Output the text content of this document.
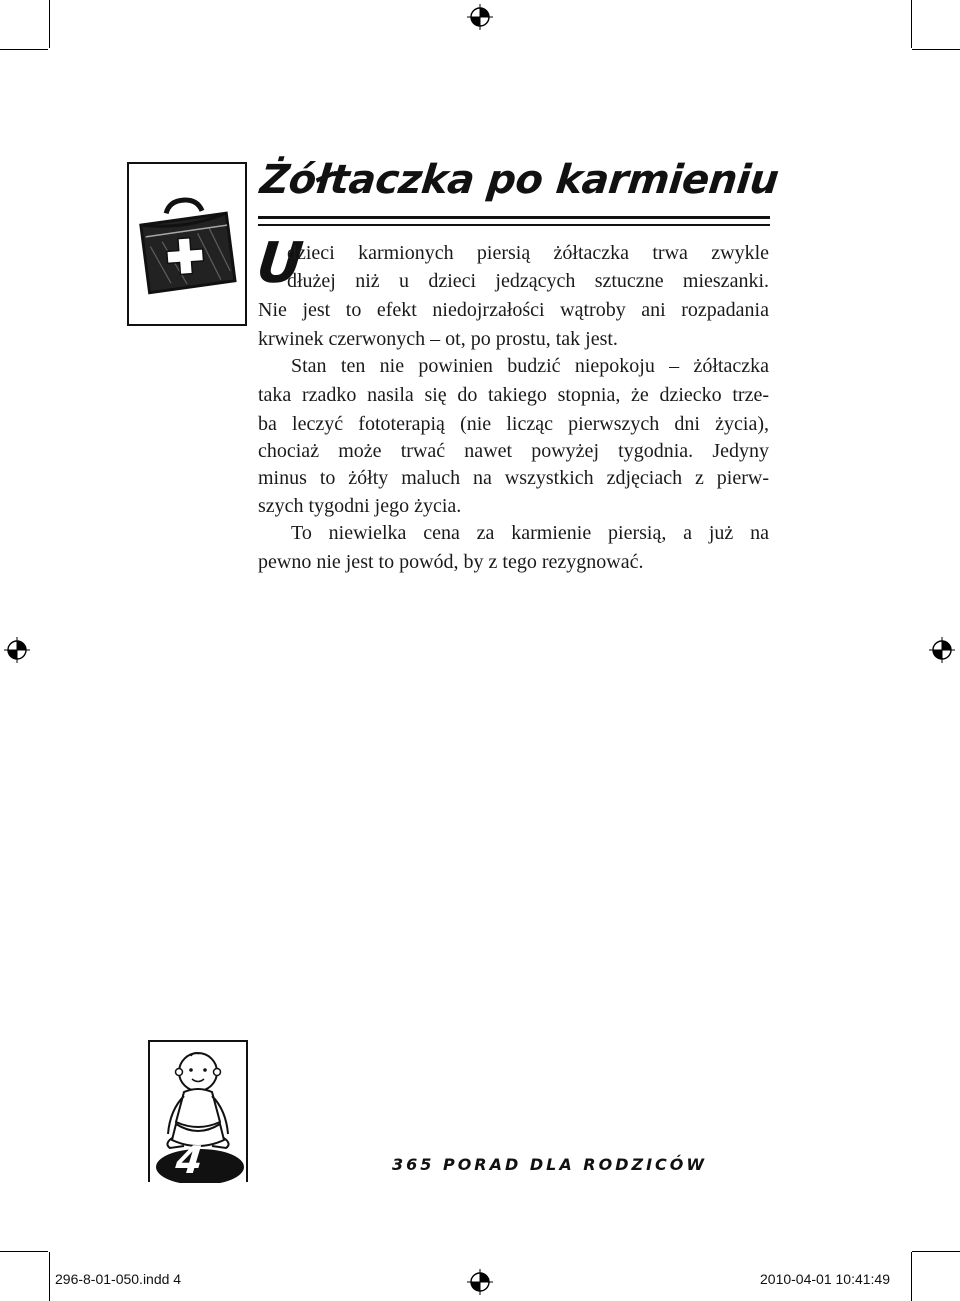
Żółtaczka po karmieniu
U
dzieci karmionych piersią żółtaczka trwa zwykle
dłużej niż u dzieci jedzących sztuczne mieszanki.
Nie jest to efekt niedojrzałości wątroby ani rozpadania
krwinek czerwonych – ot, po prostu, tak jest.
Stan ten nie powinien budzić niepokoju – żółtaczka
taka rzadko nasila się do takiego stopnia, że dziecko trze-
ba leczyć fototerapią (nie licząc pierwszych dni życia),
chociaż może trwać nawet powyżej tygodnia. Jedyny
minus to żółty maluch na wszystkich zdjęciach z pierw-
szych tygodni jego życia.
To niewielka cena za karmienie piersią, a już na
pewno nie jest to powód, by z tego rezygnować.
4	365 PORAD DLA RODZICÓW
296-8-01-050.indd 4	2010-04-01 10:41:49
